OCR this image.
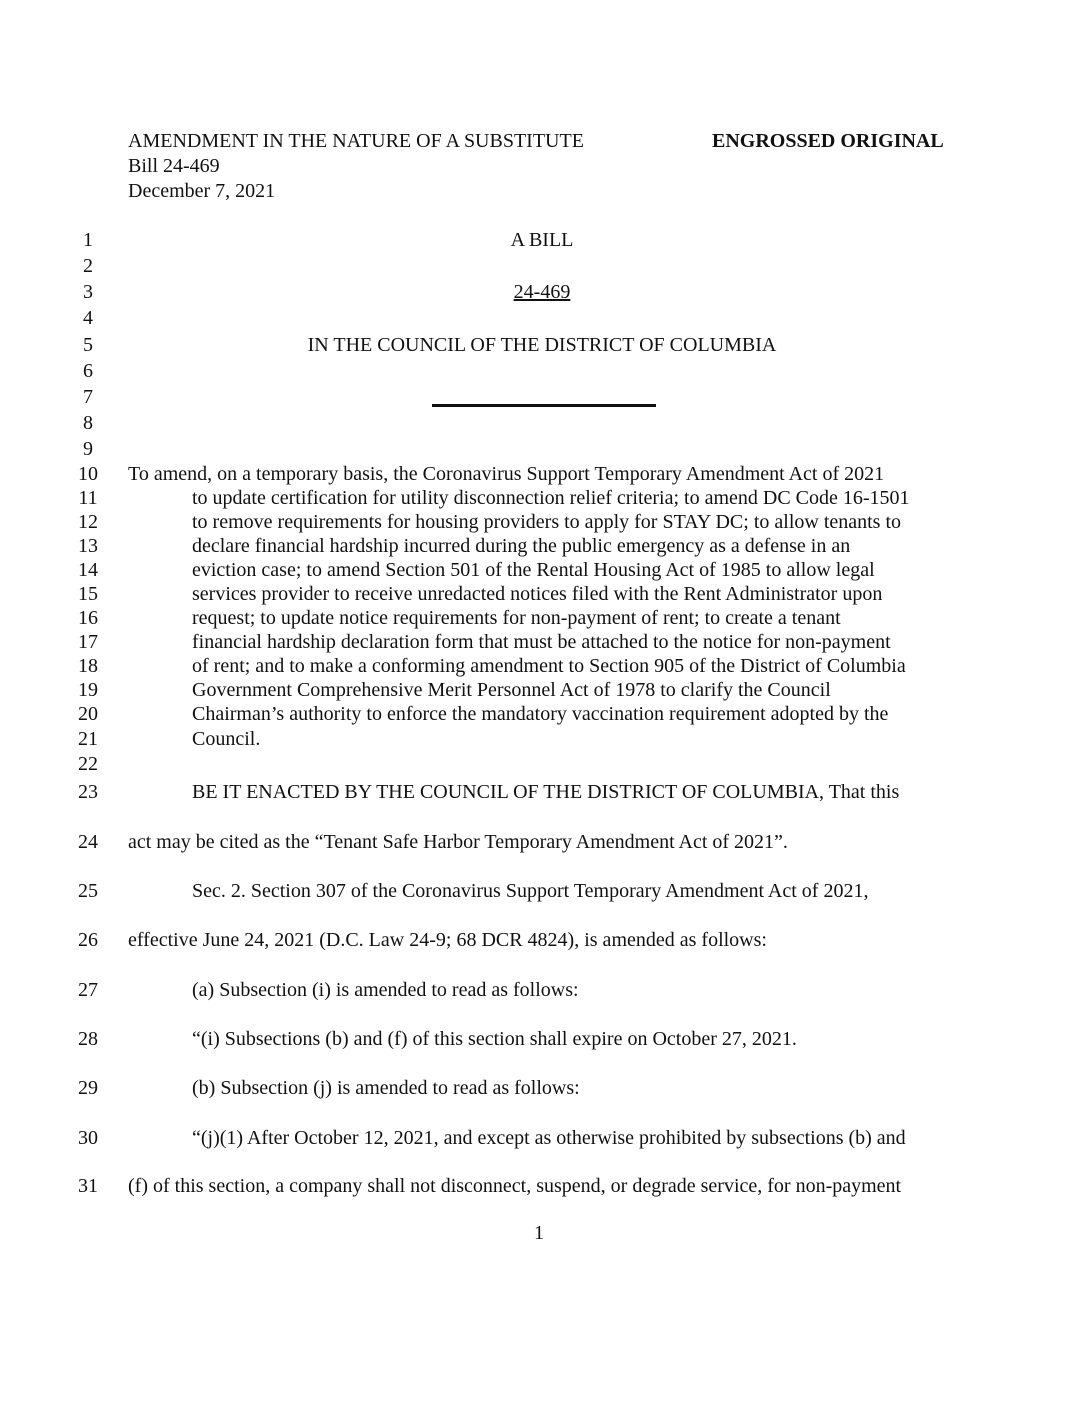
AMENDMENT IN THE NATURE OF A SUBSTITUTE	ENGROSSED ORIGINAL
Bill 24-469
December 7, 2021
1
2
3
4
5
6
7
8
9
10
11
12
13
14
15
16
17
18
19
20
21
22
23
24
25
26
27
28
29
30
31
A BILL
24-469
IN THE COUNCIL OF THE DISTRICT OF COLUMBIA
To amend, on a temporary basis, the Coronavirus Support Temporary Amendment Act of 2021
to update certification for utility disconnection relief criteria; to amend DC Code 16-1501
to remove requirements for housing providers to apply for STAY DC; to allow tenants to
declare financial hardship incurred during the public emergency as a defense in an
eviction case; to amend Section 501 of the Rental Housing Act of 1985 to allow legal
services provider to receive unredacted notices filed with the Rent Administrator upon
request; to update notice requirements for non-payment of rent; to create a tenant
financial hardship declaration form that must be attached to the notice for non-payment
of rent; and to make a conforming amendment to Section 905 of the District of Columbia
Government Comprehensive Merit Personnel Act of 1978 to clarify the Council
Chairman’s authority to enforce the mandatory vaccination requirement adopted by the
Council.
BE IT ENACTED BY THE COUNCIL OF THE DISTRICT OF COLUMBIA, That this
act may be cited as the “Tenant Safe Harbor Temporary Amendment Act of 2021”.
Sec. 2. Section 307 of the Coronavirus Support Temporary Amendment Act of 2021,
effective June 24, 2021 (D.C. Law 24-9; 68 DCR 4824), is amended as follows:
(a) Subsection (i) is amended to read as follows:
“(i) Subsections (b) and (f) of this section shall expire on October 27, 2021.
(b) Subsection (j) is amended to read as follows:
“(j)(1) After October 12, 2021, and except as otherwise prohibited by subsections (b) and
(f) of this section, a company shall not disconnect, suspend, or degrade service, for non-payment
1
